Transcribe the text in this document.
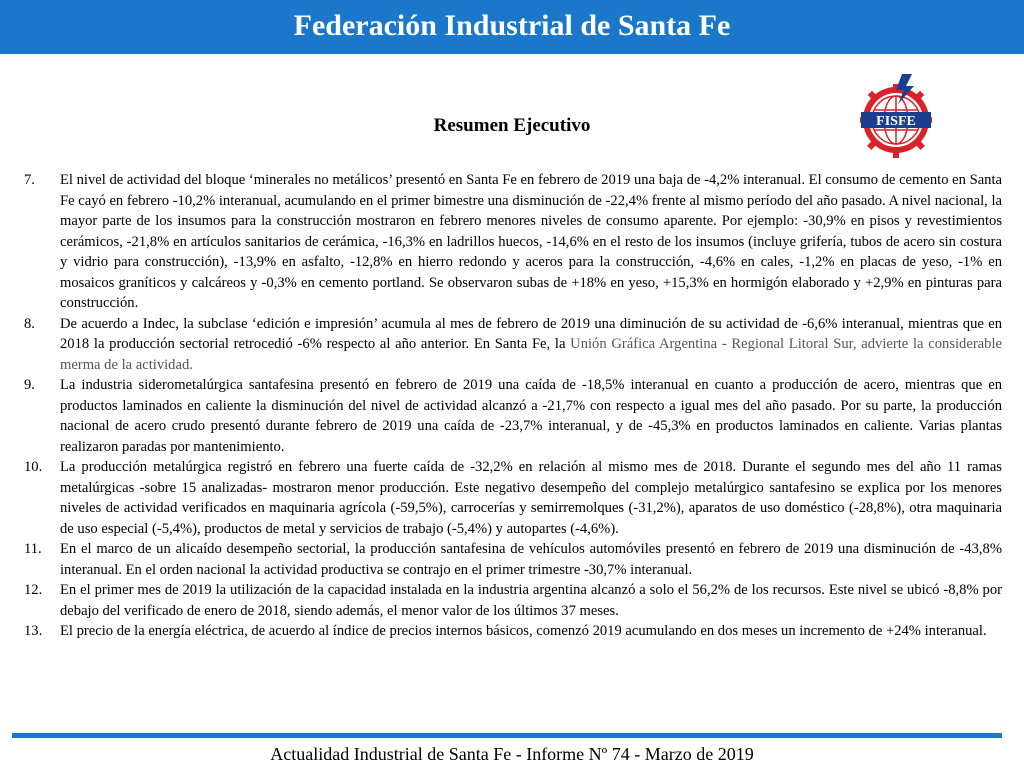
Federación Industrial de Santa Fe
FISFE
Resumen Ejecutivo
7.	El nivel de actividad del bloque ‘minerales no metálicos’ presentó en Santa Fe en febrero de 2019 una baja de -4,2% interanual. El consumo de cemento en Santa Fe cayó en febrero -10,2% interanual, acumulando en el primer bimestre una disminución de -22,4% frente al mismo período del año pasado. A nivel nacional, la mayor parte de los insumos para la construcción mostraron en febrero menores niveles de consumo aparente. Por ejemplo: -30,9% en pisos y revestimientos cerámicos, -21,8% en artículos sanitarios de cerámica, -16,3% en ladrillos huecos, -14,6% en el resto de los insumos (incluye grifería, tubos de acero sin costura y vidrio para construcción), -13,9% en asfalto, -12,8% en hierro redondo y aceros para la construcción, -4,6% en cales, -1,2% en placas de yeso, -1% en mosaicos graníticos y calcáreos y -0,3% en cemento portland. Se observaron subas de +18% en yeso, +15,3% en hormigón elaborado y +2,9% en pinturas para construcción.
8.	De acuerdo a Indec, la subclase ‘edición e impresión’ acumula al mes de febrero de 2019 una diminución de su actividad de -6,6% interanual, mientras que en 2018 la producción sectorial retrocedió -6% respecto al año anterior. En Santa Fe, la Unión Gráfica Argentina - Regional Litoral Sur, advierte la considerable merma de la actividad.
9.	La industria siderometalúrgica santafesina presentó en febrero de 2019 una caída de -18,5% interanual en cuanto a producción de acero, mientras que en productos laminados en caliente la disminución del nivel de actividad alcanzó a -21,7% con respecto a igual mes del año pasado. Por su parte, la producción nacional de acero crudo presentó durante febrero de 2019 una caída de -23,7% interanual, y de -45,3% en productos laminados en caliente. Varias plantas realizaron paradas por mantenimiento.
10.	La producción metalúrgica registró en febrero una fuerte caída de -32,2% en relación al mismo mes de 2018. Durante el segundo mes del año 11 ramas metalúrgicas -sobre 15 analizadas- mostraron menor producción. Este negativo desempeño del complejo metalúrgico santafesino se explica por los menores niveles de actividad verificados en maquinaria agrícola (-59,5%), carrocerías y semirremolques (-31,2%), aparatos de uso doméstico (-28,8%), otra maquinaria de uso especial (-5,4%), productos de metal y servicios de trabajo (-5,4%) y autopartes (-4,6%).
11.	En el marco de un alicaído desempeño sectorial, la producción santafesina de vehículos automóviles presentó en febrero de 2019 una disminución de -43,8% interanual. En el orden nacional la actividad productiva se contrajo en el primer trimestre -30,7% interanual.
12.	En el primer mes de 2019 la utilización de la capacidad instalada en la industria argentina alcanzó a solo el 56,2% de los recursos. Este nivel se ubicó -8,8% por debajo del verificado de enero de 2018, siendo además, el menor valor de los últimos 37 meses.
13.	El precio de la energía eléctrica, de acuerdo al índice de precios internos básicos, comenzó 2019 acumulando en dos meses un incremento de +24% interanual.
Actualidad Industrial de Santa Fe - Informe Nº 74 - Marzo de 2019
